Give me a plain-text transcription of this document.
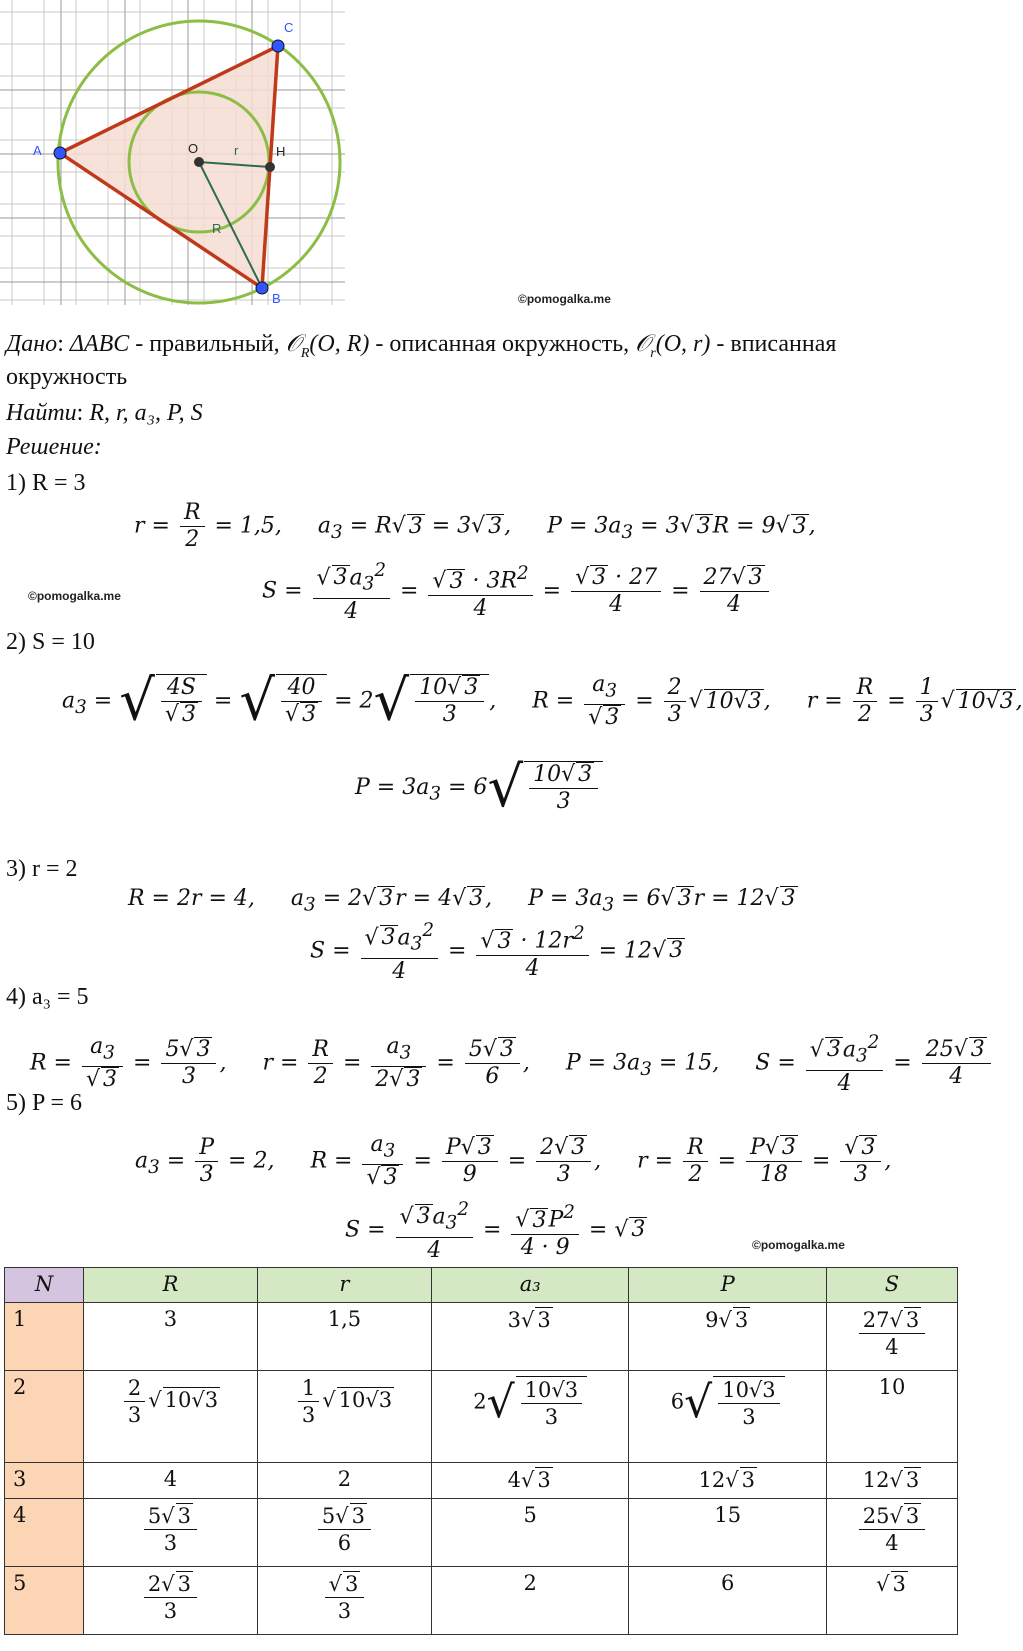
A
B
C
O	H
r
R
©pomogalka.me
Дано: ΔABC - правильный, 𝒪$_R$(O, R) - описанная окружность, 𝒪$_r$(O, r) - вписанная
окружность
Найти: R, r, a₃, P, S
Решение:
1) R = 3
$r = \frac{R}{2} = 1,5$, $a_3 = R√$ 3 = 3√ 3, $P = 3a_3 = 3√$ 3R = 9√ 3,
©pomogalka.me	$S = \frac{√ 3a_3^2}{4} = \frac{√ 3 \cdot 3R^2}{4} = \frac{√ 3 \cdot 27}{4} = \frac{27√ 3}{4}$
2) S = 10
$a_3$ = √ $\frac{4S}{√ 3}$ = √ $\frac{40}{√ 3} = 2√ \frac{10√ 3}{3}$ , $R = \frac{a_3}{√ 3} = \frac{2}{3}$ √ 10√3, $r = \frac{R}{2} = \frac{1}{3}$ √ 10√3,
$P = 3a_3 = 6√ \frac{10√ 3}{3}$
3) r = 2
R = 2r = 4, $a_3 = 2√$ 3r = 4√ 3, $P = 3a_3 = 6√$ 3r = 12√ 3
$S = \frac{√ 3a_3^2}{4} = \frac{√ 3 \cdot 12r^2}{4} = 12√$ 3
4) a₃ = 5
$R = \frac{a_3}{√ 3} = \frac{5√ 3}{3}$ , $r = \frac{R}{2} = \frac{a_3}{2√ 3} = \frac{5√ 3}{6}$ , $P = 3a_3 = 15$, $S = \frac{√ 3a_3^2}{4} = \frac{25√ 3}{4}$
5) P = 6
$a_3 = \frac{P}{3} = 2$, $R = \frac{a_3}{√ 3} = \frac{P√ 3}{9} = \frac{2√ 3}{3}$ , $r = \frac{R}{2} = \frac{P√ 3}{18} = \frac{√ 3}{3}$ ,
$S = \frac{√ 3a_3^2}{4} = \frac{√ 3P^2}{4 \cdot 9}$ = √ 3
©pomogalka.me
N	R	r	a₃	P	S
1	3	1,5	3√ 3	9√ 3	$\frac{27√ 3}{4}$

2	$\frac{2}{3}$ √ 10√3	$\frac{1}{3}$ √ 10√3	$2√ \frac{10√3}{3}$	$6√ \frac{10√3}{3}$	10
3	4	2	4√ 3	12√ 3	12√ 3
4	$\frac{5√ 3}{3}$	$\frac{5√ 3}{6}$	5	15	$\frac{25√ 3}{4}$

5	$\frac{2√ 3}{3}$	$\frac{√ 3}{3}$	2	6	√ 3
